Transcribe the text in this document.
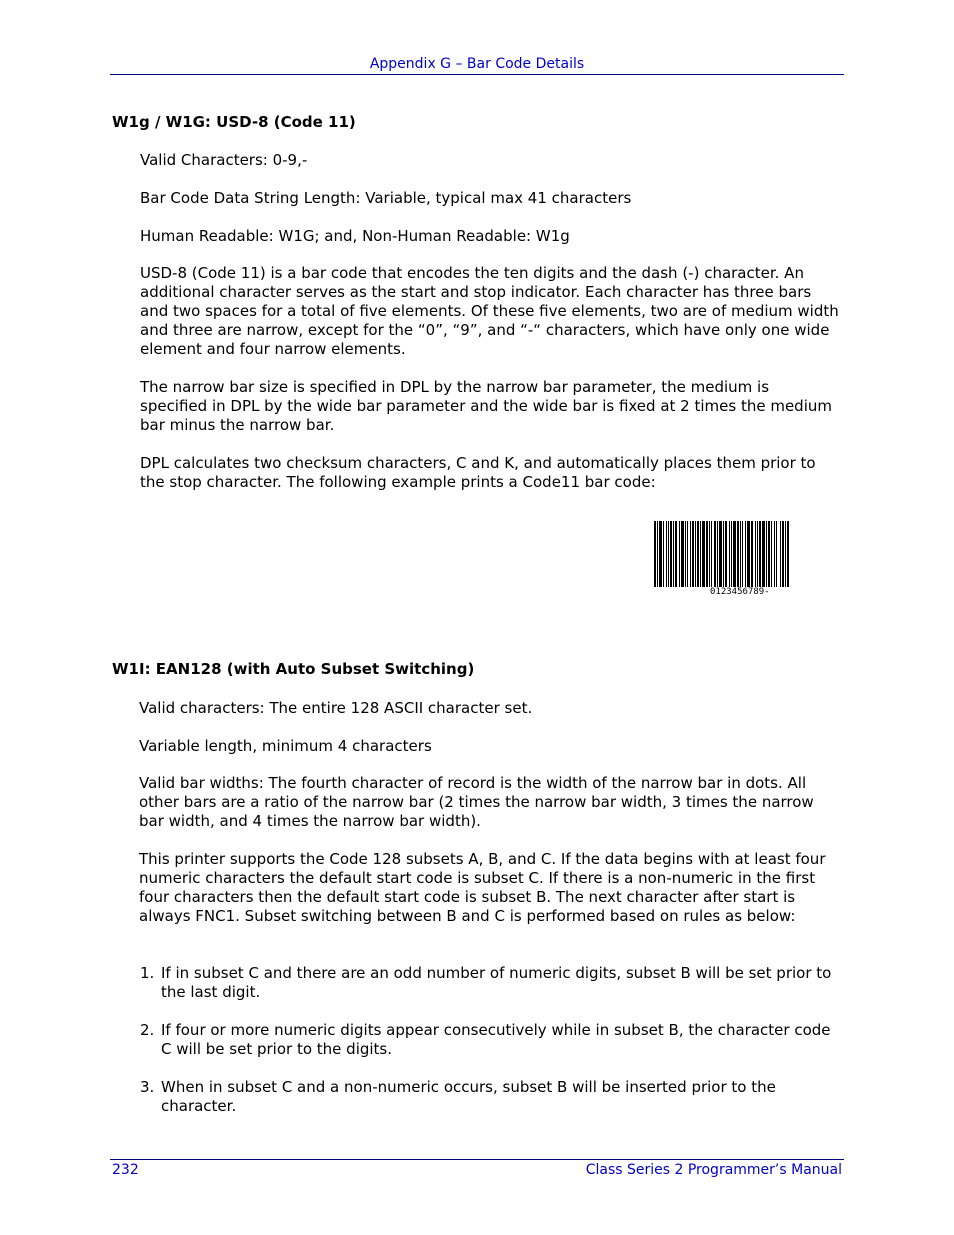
Appendix G – Bar Code Details
W1g / W1G: USD-8 (Code 11)
Valid Characters: 0-9,-
Bar Code Data String Length: Variable, typical max 41 characters
Human Readable: W1G; and, Non-Human Readable: W1g

USD-8 (Code 11) is a bar code that encodes the ten digits and the dash (-) character. An additional character serves as the start and stop indicator. Each character has three bars and two spaces for a total of five elements. Of these five elements, two are of medium width and three are narrow, except for the “0”, “9”, and “-“ characters, which have only one wide element and four narrow elements.

The narrow bar size is specified in DPL by the narrow bar parameter, the medium is specified in DPL by the wide bar parameter and the wide bar is fixed at 2 times the medium bar minus the narrow bar.

DPL calculates two checksum characters, C and K, and automatically places them prior to the stop character. The following example prints a Code11 bar code:

0123456789-
W1I: EAN128 (with Auto Subset Switching)
Valid characters: The entire 128 ASCII character set.
Variable length, minimum 4 characters

Valid bar widths: The fourth character of record is the width of the narrow bar in dots. All other bars are a ratio of the narrow bar (2 times the narrow bar width, 3 times the narrow bar width, and 4 times the narrow bar width).

This printer supports the Code 128 subsets A, B, and C. If the data begins with at least four numeric characters the default start code is subset C. If there is a non-numeric in the first four characters then the default start code is subset B. The next character after start is always FNC1. Subset switching between B and C is performed based on rules as below:

1. If in subset C and there are an odd number of numeric digits, subset B will be set prior to the last digit.
2. If four or more numeric digits appear consecutively while in subset B, the character code C will be set prior to the digits.
3. When in subset C and a non-numeric occurs, subset B will be inserted prior to the character.
232	Class Series 2 Programmer’s Manual
